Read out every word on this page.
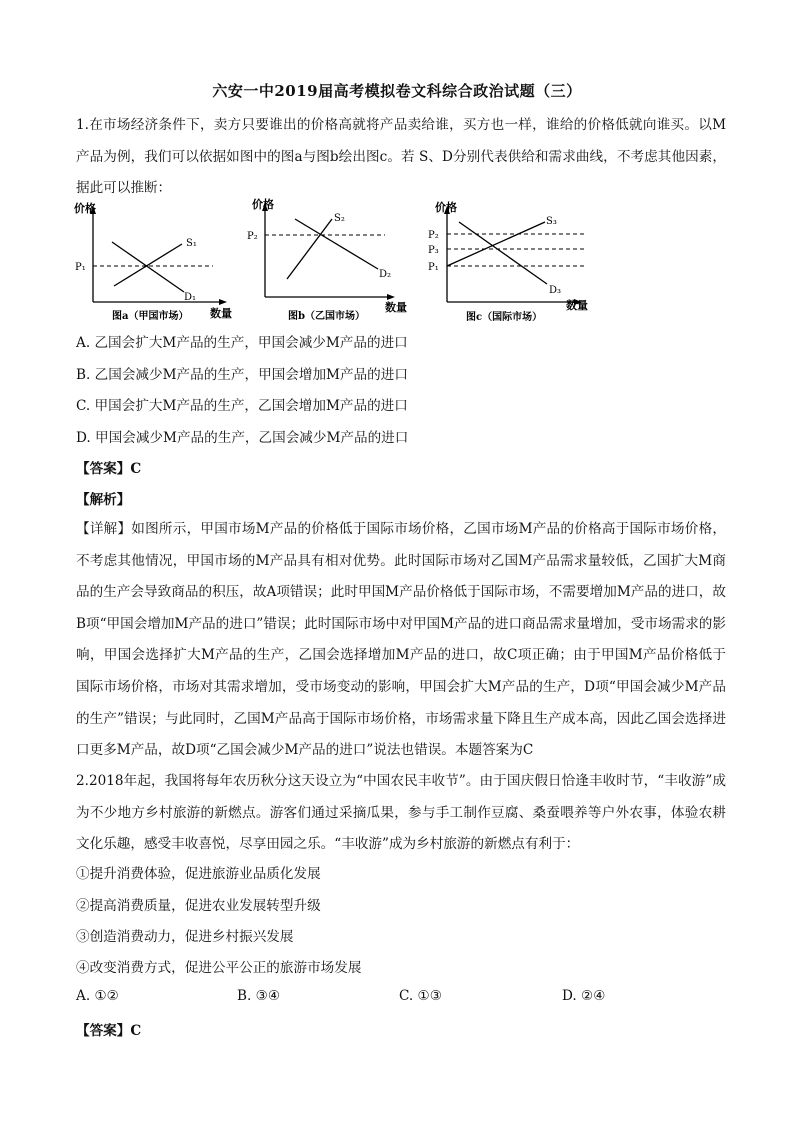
六安一中2019届高考模拟卷文科综合政治试题（三）

1.在市场经济条件下，卖方只要谁出的价格高就将产品卖给谁，买方也一样，谁给的价格低就向谁买。以M产品为例，我们可以依据如图中的图a与图b绘出图c。若 S、D分别代表供给和需求曲线，不考虑其他因素，据此可以推断：

价格
数量
P₁
S₁
D₁
图a（甲国市场）
价格
数量
P₂
S₂
D₂
图b（乙国市场）
价格
数量
P₂
P₃
P₁
S₃
D₃
图c（国际市场）
A. 乙国会扩大M产品的生产，甲国会减少M产品的进口
B. 乙国会减少M产品的生产，甲国会增加M产品的进口
C. 甲国会扩大M产品的生产，乙国会增加M产品的进口
D. 甲国会减少M产品的生产，乙国会减少M产品的进口
【答案】C
【解析】

【详解】如图所示，甲国市场M产品的价格低于国际市场价格，乙国市场M产品的价格高于国际市场价格，不考虑其他情况，甲国市场的M产品具有相对优势。此时国际市场对乙国M产品需求量较低，乙国扩大M商品的生产会导致商品的积压，故A项错误；此时甲国M产品价格低于国际市场，不需要增加M产品的进口，故B项“甲国会增加M产品的进口”错误；此时国际市场中对甲国M产品的进口商品需求量增加，受市场需求的影响，甲国会选择扩大M产品的生产，乙国会选择增加M产品的进口，故C项正确；由于甲国M产品价格低于国际市场价格，市场对其需求增加，受市场变动的影响，甲国会扩大M产品的生产，D项“甲国会减少M产品的生产”错误；与此同时，乙国M产品高于国际市场价格，市场需求量下降且生产成本高，因此乙国会选择进口更多M产品，故D项“乙国会减少M产品的进口”说法也错误。本题答案为C

2.2018年起，我国将每年农历秋分这天设立为“中国农民丰收节”。由于国庆假日恰逢丰收时节，“丰收游”成为不少地方乡村旅游的新燃点。游客们通过采摘瓜果，参与手工制作豆腐、桑蚕喂养等户外农事，体验农耕文化乐趣，感受丰收喜悦，尽享田园之乐。“丰收游”成为乡村旅游的新燃点有利于：

①提升消费体验，促进旅游业品质化发展
②提高消费质量，促进农业发展转型升级
③创造消费动力，促进乡村振兴发展
④改变消费方式，促进公平公正的旅游市场发展
A. ①②	B. ③④	C. ①③	D. ②④
【答案】C
